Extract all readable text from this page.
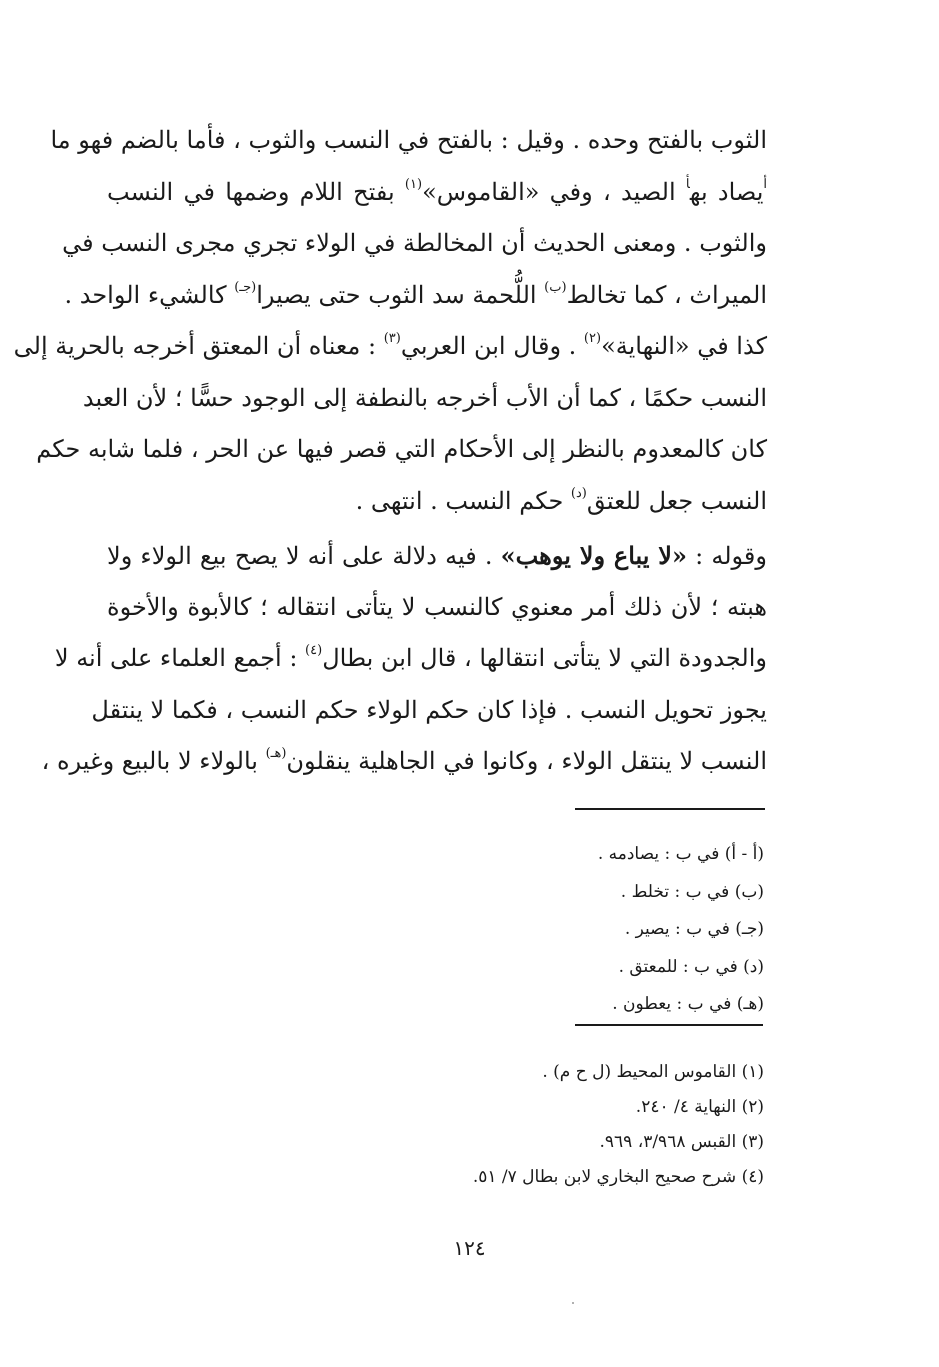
الثوب بالفتح وحده . وقيل : بالفتح في النسب والثوب ، فأما بالضم فهو ما
$^أ$يصاد به$^أ$ الصيد ، وفي «القاموس»$^{(١)}$ بفتح اللام وضمها في النسب
والثوب . ومعنى الحديث أن المخالطة في الولاء تجري مجرى النسب في
الميراث ، كما تخالط$^{(ب)}$ اللُّحمة سد الثوب حتى يصيرا$^{(جـ)}$ كالشيء الواحد .
كذا في «النهاية»$^{(٢)}$ . وقال ابن العربي$^{(٣)}$ : معناه أن المعتق أخرجه بالحرية إلى
النسب حكمًا ، كما أن الأب أخرجه بالنطفة إلى الوجود حسًّا ؛ لأن العبد
كان كالمعدوم بالنظر إلى الأحكام التي قصر فيها عن الحر ، فلما شابه حكم
النسب جعل للعتق$^{(د)}$ حكم النسب . انتهى .
وقوله : «لا يباع ولا يوهب» . فيه دلالة على أنه لا يصح بيع الولاء ولا
هبته ؛ لأن ذلك أمر معنوي كالنسب لا يتأتى انتقاله ؛ كالأبوة والأخوة
والجدودة التي لا يتأتى انتقالها ، قال ابن بطال$^{(٤)}$ : أجمع العلماء على أنه لا
يجوز تحويل النسب . فإذا كان حكم الولاء حكم النسب ، فكما لا ينتقل
النسب لا ينتقل الولاء ، وكانوا في الجاهلية ينقلون$^{(هـ)}$ بالولاء لا بالبيع وغيره ،
(أ - أ) في ب : يصادمه .
(ب) في ب : تخلط .
(جـ) في ب : يصير .
(د) في ب : للمعتق .
(هـ) في ب : يعطون .
(١) القاموس المحيط (ل ح م) .
(٢) النهاية ٤/ ٢٤٠.
(٣) القبس ٣/٩٦٨، ٩٦٩.
(٤) شرح صحيح البخاري لابن بطال ٧/ ٥١.
١٢٤
